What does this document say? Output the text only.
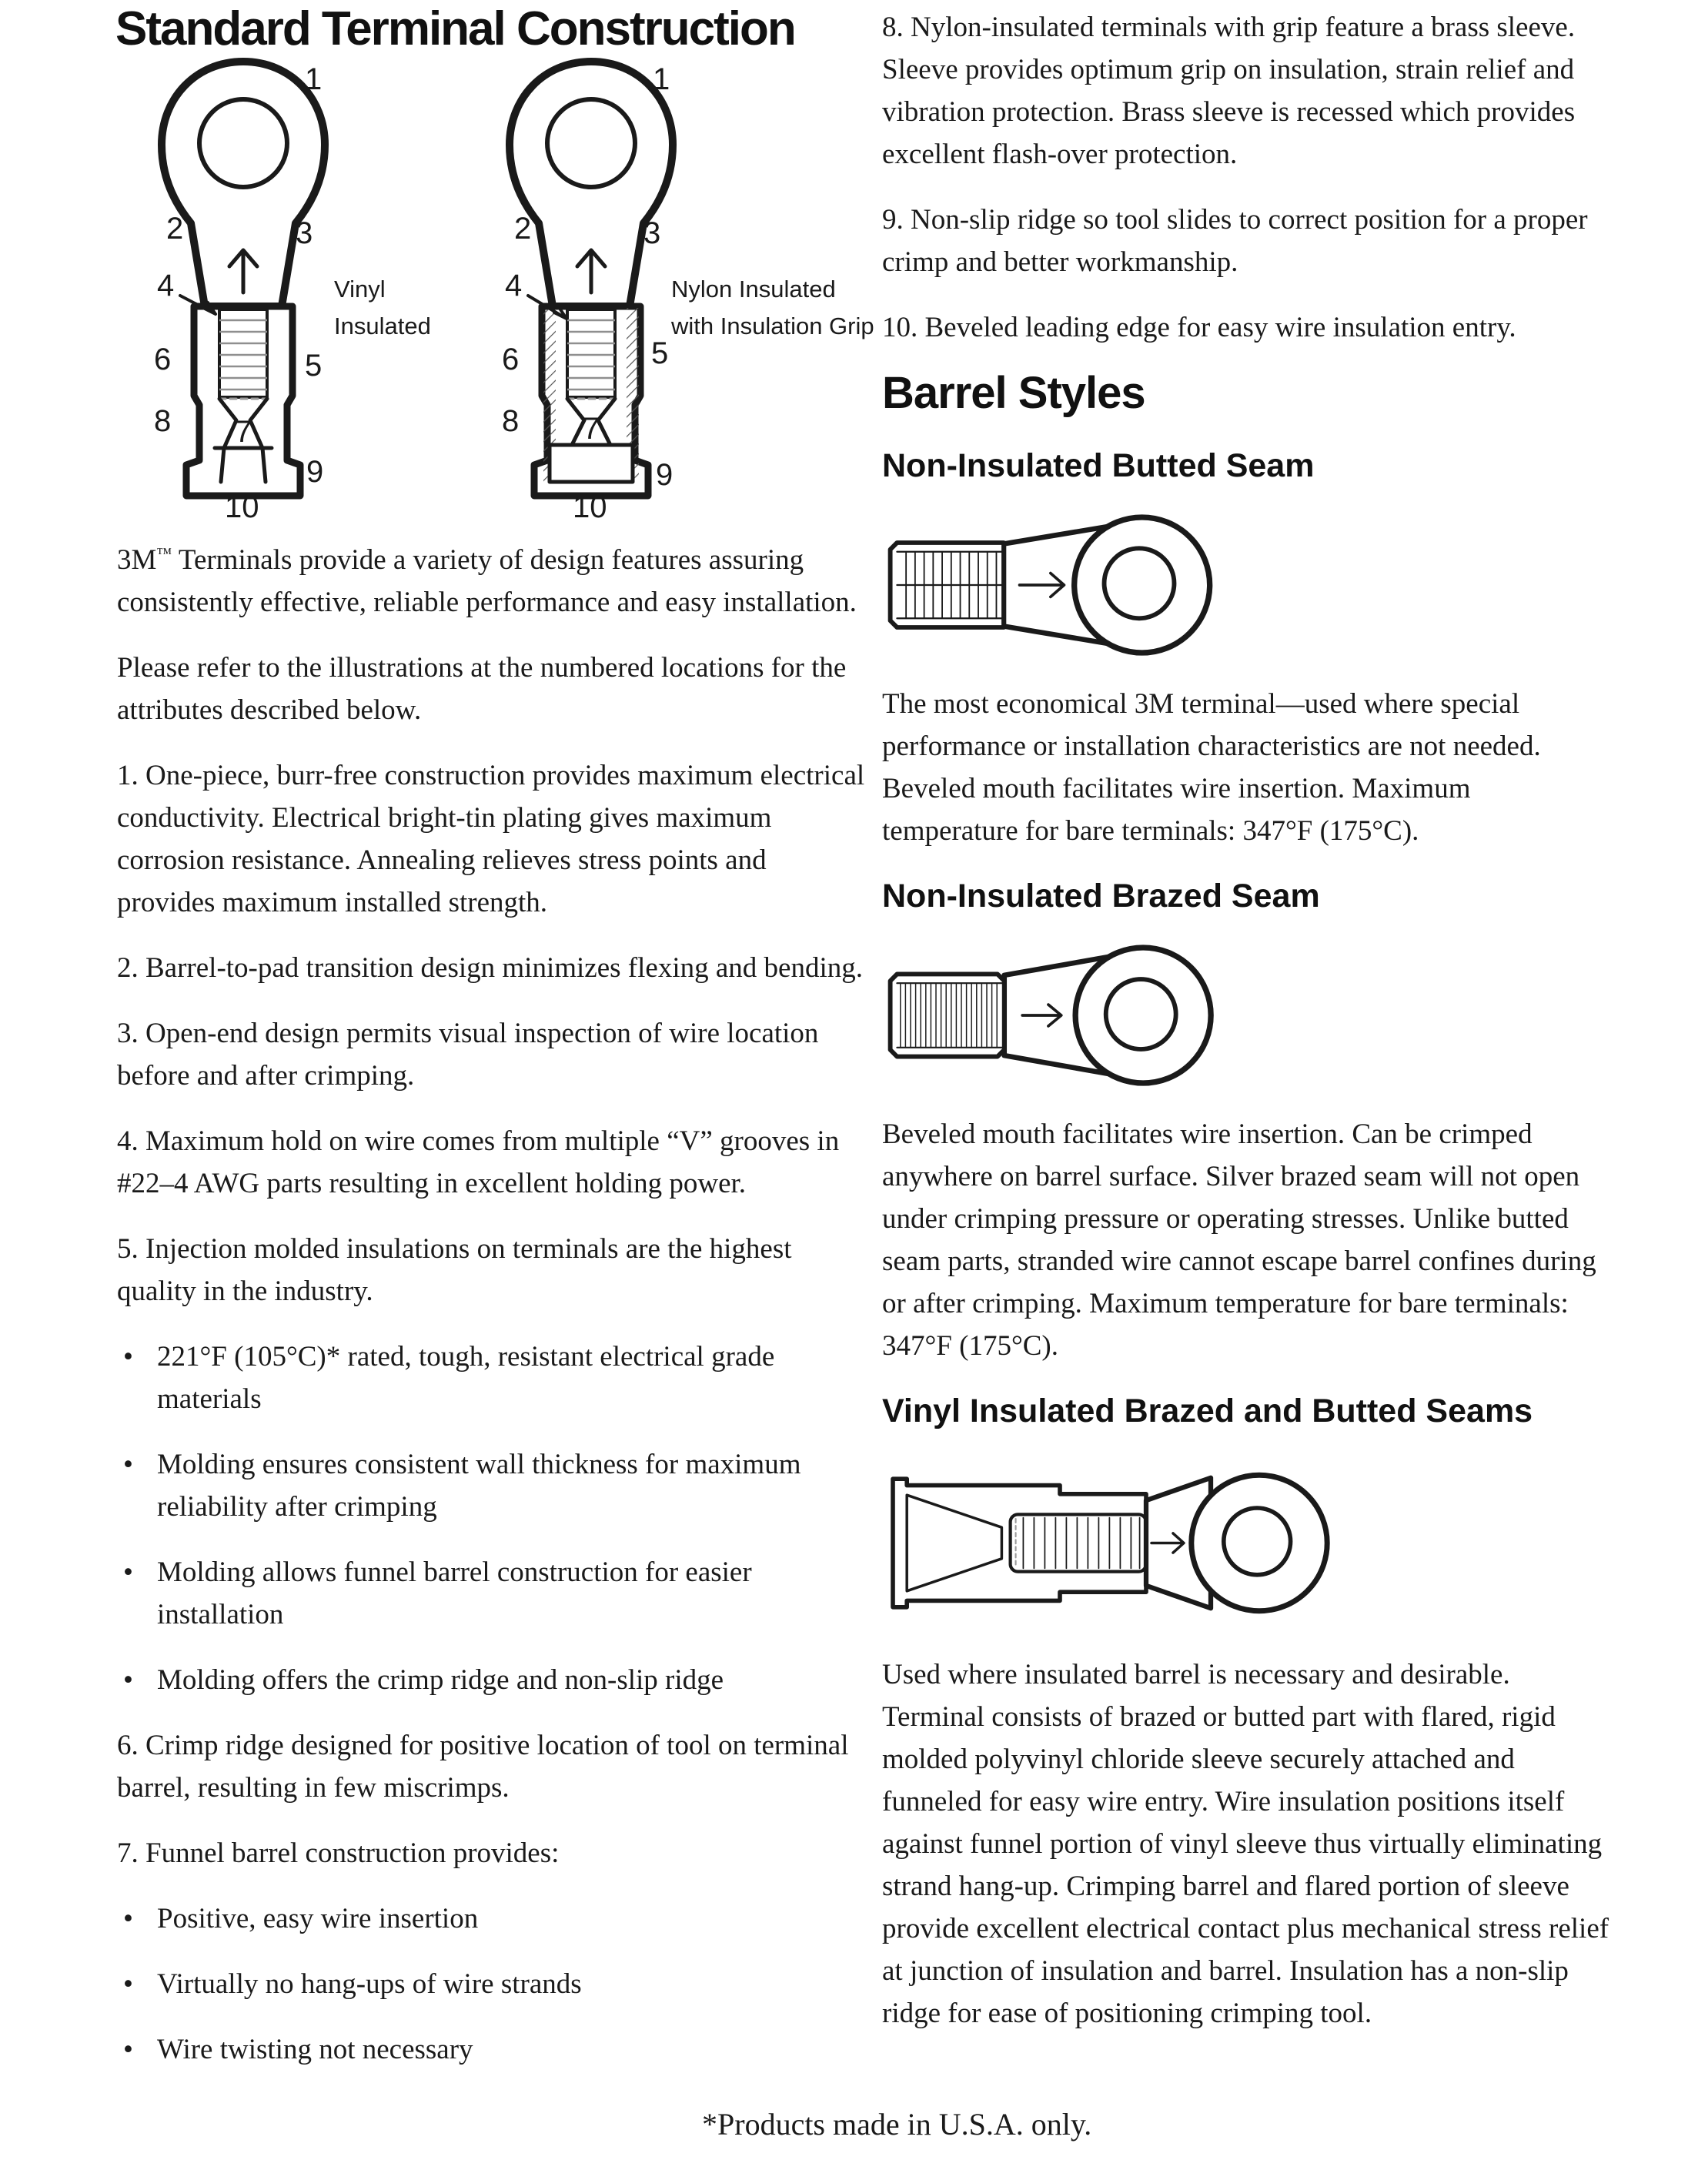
Standard Terminal Construction
1
2	3
4
5
6
7
8
9
10
Vinyl
Insulated
1
2	3
4
5
6
7
8
9
10
Nylon Insulated
with Insulation Grip

3M™ Terminals provide a variety of design features assuring consistently effective, reliable performance and easy installation.

Please refer to the illustrations at the numbered locations for the attributes described below.

1. One-piece, burr-free construction provides maximum electrical conductivity. Electrical bright-tin plating gives maximum corrosion resistance. Annealing relieves stress points and provides maximum installed strength.

2. Barrel-to-pad transition design minimizes flexing and bending.

3. Open-end design permits visual inspection of wire location before and after crimping.

4. Maximum hold on wire comes from multiple “V” grooves in #22–4 AWG parts resulting in excellent holding power.

5. Injection molded insulations on terminals are the highest quality in the industry.

• 221°F (105°C)* rated, tough, resistant electrical grade materials
• Molding ensures consistent wall thickness for maximum reliability after crimping
• Molding allows funnel barrel construction for easier installation
• Molding offers the crimp ridge and non-slip ridge

6. Crimp ridge designed for positive location of tool on terminal barrel, resulting in few miscrimps.

7. Funnel barrel construction provides:

• Positive, easy wire insertion
• Virtually no hang-ups of wire strands
• Wire twisting not necessary

8. Nylon-insulated terminals with grip feature a brass sleeve. Sleeve provides optimum grip on insulation, strain relief and vibration protection. Brass sleeve is recessed which provides excellent flash-over protection.

9. Non-slip ridge so tool slides to correct position for a proper crimp and better workmanship.

10. Beveled leading edge for easy wire insulation entry.

Barrel Styles
Non-Insulated Butted Seam

The most economical 3M terminal—used where special performance or installation characteristics are not needed. Beveled mouth facilitates wire insertion. Maximum temperature for bare terminals: 347°F (175°C).

Non-Insulated Brazed Seam

Beveled mouth facilitates wire insertion. Can be crimped anywhere on barrel surface. Silver brazed seam will not open under crimping pressure or operating stresses. Unlike butted seam parts, stranded wire cannot escape barrel confines during or after crimping. Maximum temperature for bare terminals: 347°F (175°C).

Vinyl Insulated Brazed and Butted Seams

Used where insulated barrel is necessary and desirable. Terminal consists of brazed or butted part with flared, rigid molded polyvinyl chloride sleeve securely attached and funneled for easy wire entry. Wire insulation positions itself against funnel portion of vinyl sleeve thus virtually eliminating strand hang-up. Crimping barrel and flared portion of sleeve provide excellent electrical contact plus mechanical stress relief at junction of insulation and barrel. Insulation has a non-slip ridge for ease of positioning crimping tool.

*Products made in U.S.A. only.
